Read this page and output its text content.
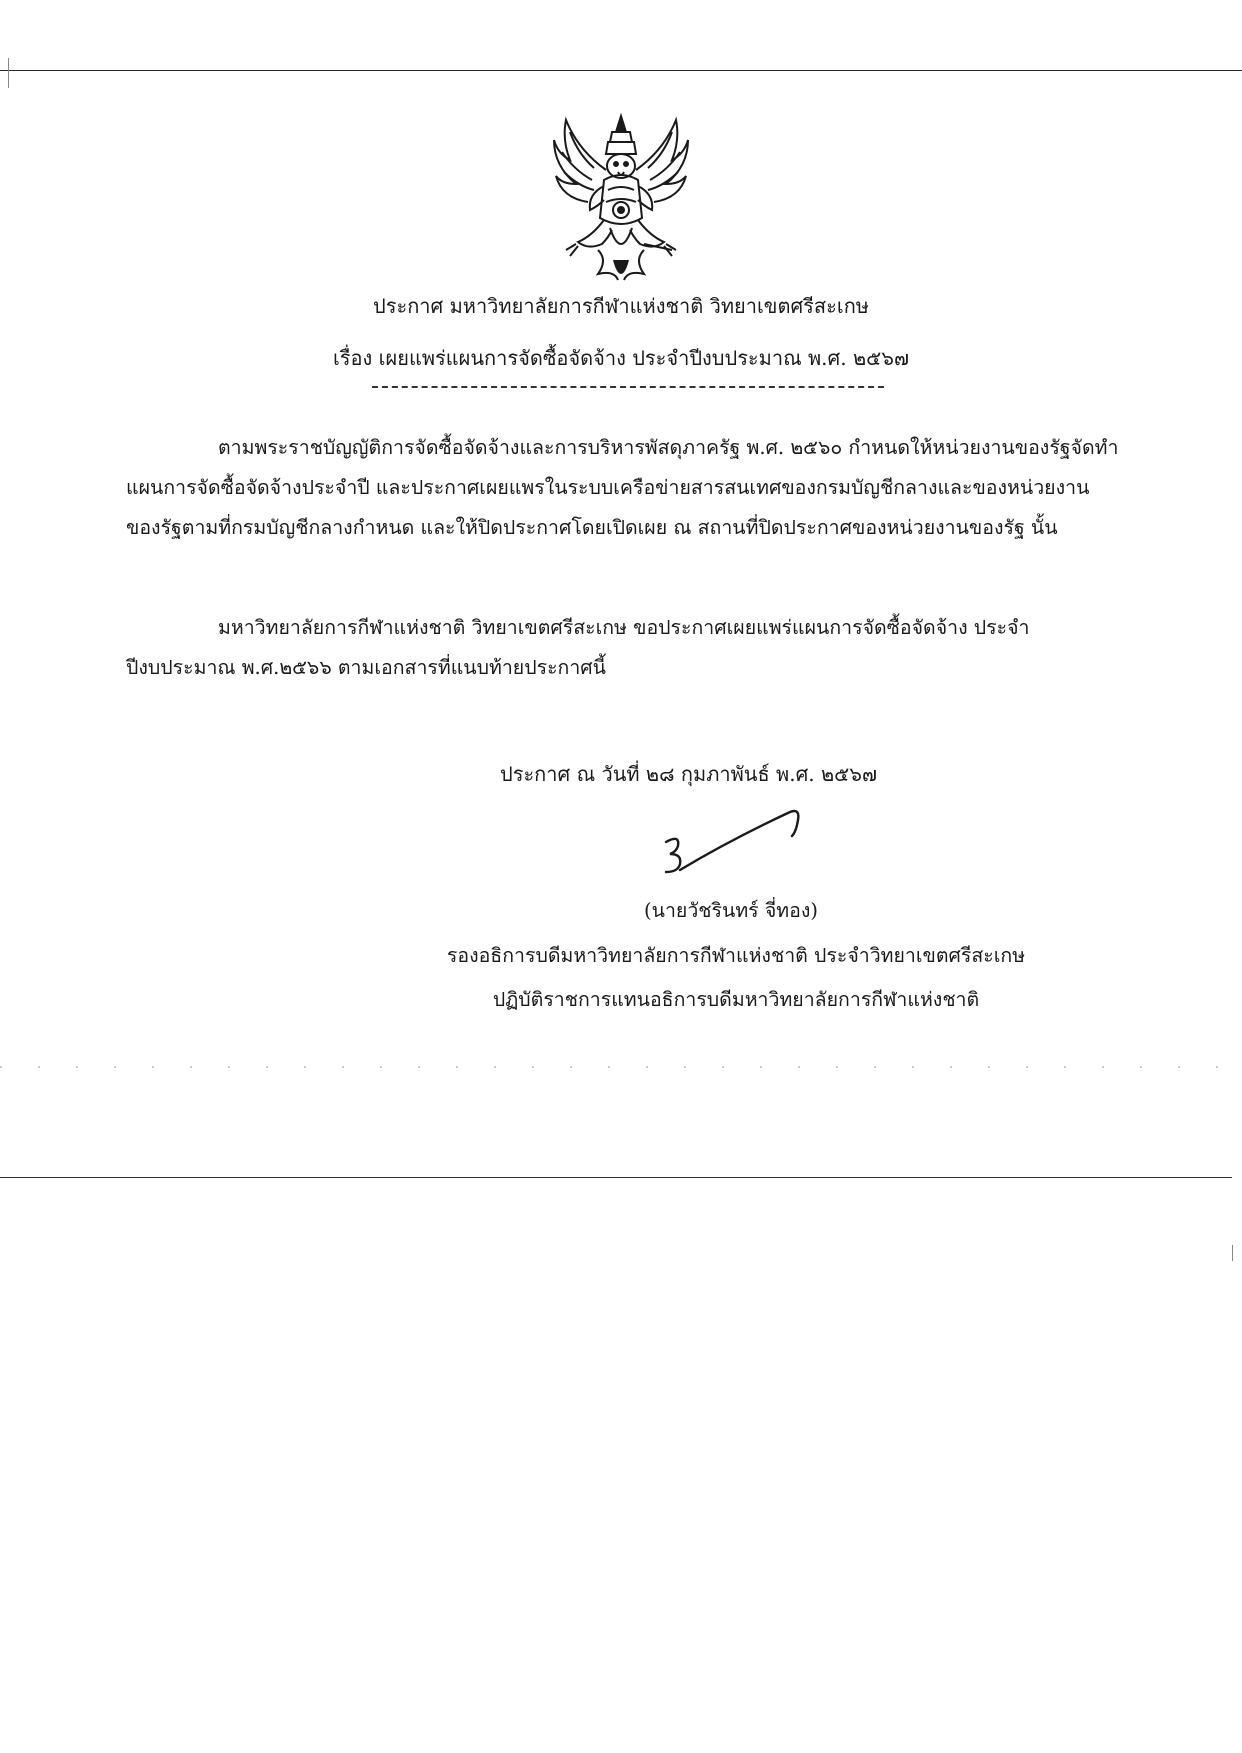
ประกาศ มหาวิทยาลัยการกีฬาแห่งชาติ วิทยาเขตศรีสะเกษ
เรื่อง เผยแพร่แผนการจัดซื้อจัดจ้าง ประจำปีงบประมาณ พ.ศ. ๒๕๖๗
ตามพระราชบัญญัติการจัดซื้อจัดจ้างและการบริหารพัสดุภาครัฐ พ.ศ. ๒๕๖๐ กำหนดให้หน่วยงานของรัฐจัดทำแผนการจัดซื้อจัดจ้างประจำปี และประกาศเผยแพรในระบบเครือข่ายสารสนเทศของกรมบัญชีกลางและของหน่วยงานของรัฐตามที่กรมบัญชีกลางกำหนด และให้ปิดประกาศโดยเปิดเผย ณ สถานที่ปิดประกาศของหน่วยงานของรัฐ นั้น
มหาวิทยาลัยการกีฬาแห่งชาติ วิทยาเขตศรีสะเกษ ขอประกาศเผยแพร่แผนการจัดซื้อจัดจ้าง ประจำปีงบประมาณ พ.ศ.๒๕๖๖ ตามเอกสารที่แนบท้ายประกาศนี้
ประกาศ ณ วันที่ ๒๘ กุมภาพันธ์ พ.ศ. ๒๕๖๗
(นายวัชรินทร์ จี่ทอง)
รองอธิการบดีมหาวิทยาลัยการกีฬาแห่งชาติ ประจำวิทยาเขตศรีสะเกษ
ปฏิบัติราชการแทนอธิการบดีมหาวิทยาลัยการกีฬาแห่งชาติ
